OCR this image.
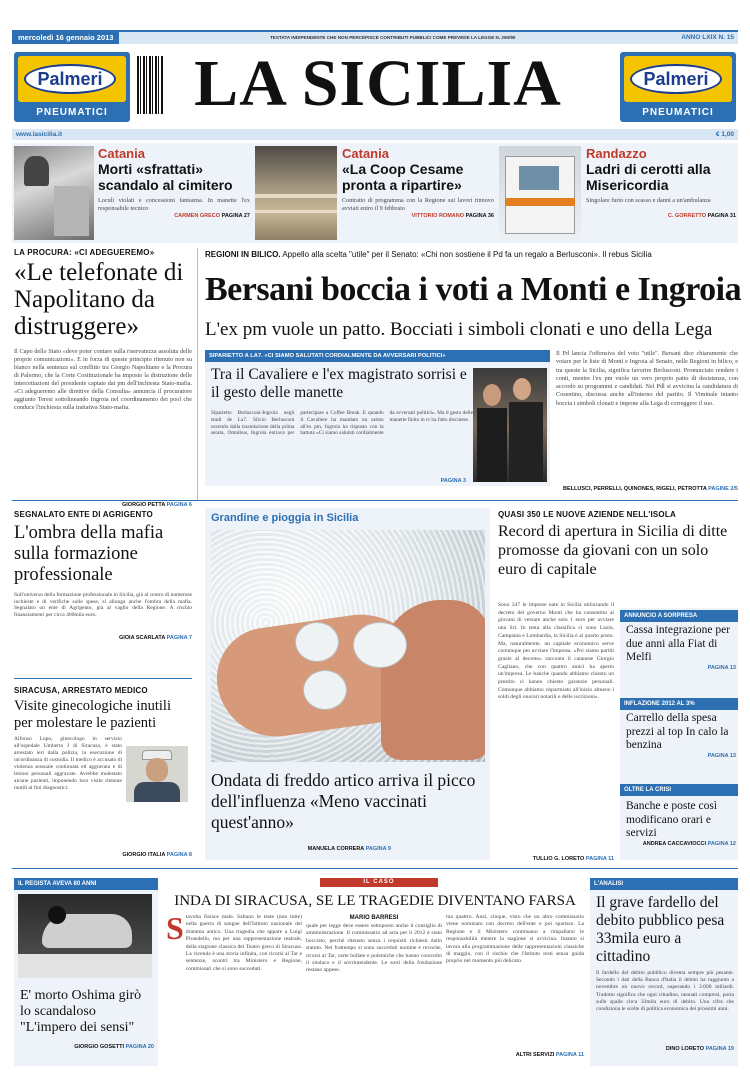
mercoledì 16 gennaio 2013	TESTATA INDIPENDENTE CHE NON PERCEPISCE CONTRIBUTI PUBBLICI COME PREVEDE LA LEGGE N. 250/90	ANNO LXIX N. 15
Palmeri
PNEUMATICI	LA SICILIA	Palmeri
PNEUMATICI
www.lasicilia.it	€ 1,00
Catania
Morti «sfrattati» scandalo al cimitero
Loculi violati e concessioni fantasma. In manette l'ex responsabile tecnico
CARMEN GRECO PAGINA 27
Catania
«La Coop Cesame pronta a ripartire»
Contratto di programma con la Regione sui lavori rinnovo avviati entro il 9 febbraio
VITTORIO ROMANO PAGINA 36
Randazzo
Ladri di cerotti alla Misericordia
Singolare furto con scasso e danni a un'ambulanza
C. GORRETTO PAGINA 31
LA PROCURA: «CI ADEGUEREMO»
«Le telefonate di Napolitano da distruggere»
Il Capo dello Stato «deve poter contare sulla riservatezza assoluta delle proprie comunicazioni». E in forza di queste principio ritenuto non su bianco nella sentenza sul conflitto tra Giorgio Napolitano e la Procura di Palermo, che la Corte Costituzionale ha imposto la distruzione delle intercettazioni del presidente captate dai pm dell'inchiesta Stato-mafia. «Ci adegueremo alle direttive della Consulta» annuncia il procuratore aggiunto Teresi sottolineando Ingroia nel coordinamento dei pool che conduce l'inchiesta sulla trattativa Stato-mafia.
GIORGIO PETTA PAGINA 6
REGIONI IN BILICO. Appello alla scelta "utile" per il Senato: «Chi non sostiene il Pd fa un regalo a Berlusconi». Il rebus Sicilia
Bersani boccia i voti a Monti e Ingroia
L'ex pm vuole un patto. Bocciati i simboli clonati e uno della Lega
SIPARIETTO A LA7. «CI SIAMO SALUTATI CORDIALMENTE DA AVVERSARI POLITICI»
Tra il Cavaliere e l'ex magistrato sorrisi e il gesto delle manette
Siparietto Berlusconi-Ingroia negli studi de La7. Silvio Berlusconi uscendo dalla trasmissione della prima serata, Omnibus, Ingroia entrava per partecipare a Coffee Break. E quando il Cavaliere ha mandato un saluto all'ex pm, Ingroia ha risposto con la battuta «Ci siamo salutati cordialmente da avversari politici». Ma il gesto delle manette finito in tv ha fatto discutere.
PAGINA 3
Il Pd lancia l'offensiva del voto "utile". Bersani dice chiaramente che votare per le liste di Monti e Ingroia al Senato, nelle Regioni in bilico, e tra queste la Sicilia, significa favorire Berlusconi. Pronunciato rendere i conti, mentre l'ex pm vuole un vero proprio patto di desistenza, con accordo su programmi e candidati. Nel Pdl si avvicina la candidatura di Cosentino, discussa anche all'interno del partito. Il Viminale intanto boccia i simboli clonati e impone alla Lega di correggere il suo.
BELLUSCI, PERRELLI, QUINONES, RIGELI, PETROTTA PAGINE 2/5
SEGNALATO ENTE DI AGRIGENTO
L'ombra della mafia sulla formazione professionale
Sull'universo della formazione professionale in Sicilia, già al centro di numerose inchieste e di verifiche sulle spese, si allunga anche l'ombra della mafia. Segnalato un ente di Agrigento, già al vaglio della Regione. A rischio finanziamenti per circa 400mila euro.
GIOIA SCARLATA PAGINA 7
SIRACUSA, ARRESTATO MEDICO
Visite ginecologiche inutili per molestare le pazienti
Alfonso Lupo, ginecologo in servizio all'ospedale Umberto I di Siracusa, è stato arrestato ieri dalla polizia, in esecuzione di un'ordinanza di custodia. Il medico è accusato di violenza sessuale continuata ed aggravata e di lesioni personali aggravate. Avrebbe molestato alcune pazienti, imponendo loro visite ritenute inutili ai fini diagnostici.
GIORGIO ITALIA PAGINA 8
Grandine e pioggia in Sicilia
Ondata di freddo artico arriva il picco dell'influenza «Meno vaccinati quest'anno»
MANUELA CORRERA PAGINA 9
QUASI 350 LE NUOVE AZIENDE NELL'ISOLA
Record di apertura in Sicilia di ditte promosse da giovani con un solo euro di capitale
Sono 347 le imprese nate in Sicilia utilizzando il decreto del governo Monti che ha consentito ai giovani di versare anche solo 1 euro per avviare una Srl. In testa alla classifica ci sono Lazio, Campania e Lombardia, la Sicilia è al quarto posto. Ma, naturalmente, un capitale economico serve comunque per avviare l'impresa. «Poi siamo partiti grazie al decreto» racconta il catanese Giorgio Cagliano, che con quattro amici ha aperto un'impresa. Le banche quando abbiamo chiesto un prestito ci hanno chiesto garanzie personali. Comunque abbiamo risparmiato all'inizio almeno i soldi degli onorari notarili e delle iscrizioni».
TULLIO G. LORETO PAGINA 11
ANNUNCIO A SORPRESA
Cassa integrazione per due anni alla Fiat di Melfi
PAGINA 13
INFLAZIONE 2012 AL 3%
Carrello della spesa prezzi al top In calo la benzina
PAGINA 13
OLTRE LA CRISI
Banche e poste così modificano orari e servizi
ANDREA CACCAVIOCCI PAGINA 12
IL REGISTA AVEVA 80 ANNI
E' morto Oshima girò lo scandaloso "L'impero dei sensi"
GIORGIO GOSETTI PAGINA 20
IL CASO
INDA DI SIRACUSA, SE LE TRAGEDIE DIVENTANO FARSA
S tavolta finisce male. Saltano le teste (non tutte) nella guerra di sangue dell'Istituto nazionale del dramma antico. Una tragedia che appare a Luigi Pirandello, ma per una rappresentazione teatrale, della stagione classica del Teatro greco di Siracusa. La vicenda è una storia infinita, con ricorsi al Tar e sentenze, scontri tra Ministero e Regione, commissari che si sono succeduti.
MARIO BARRESI
quale per legge deve essere sottoposto anche il consiglio di amministrazione. Il commissario ad acta per il 2012 è stato bocciato, perché ritenuto senza i requisiti richiesti dallo statuto. Nel frattempo si sono succeduti nomine e revoche, ricorsi al Tar, carte bollate e polemiche che hanno coinvolto il sindaco e il sovrintendente. Le sorti della fondazione restano appese.
ma quattro. Anzi, cinque, visto che un altro commissario viene nominato con decreto dell'ente e poi sparisce. La Regione e il Ministero continuano a rimpallarsi le responsabilità mentre la stagione si avvicina. Intanto si lavora alla programmazione delle rappresentazioni classiche di maggio, con il rischio che l'Istituto resti senza guida proprio nel momento più delicato.
ALTRI SERVIZI PAGINA 11
L'ANALISI
Il grave fardello del debito pubblico pesa 33mila euro a cittadino
Il fardello del debito pubblico diventa sempre più pesante. Secondo i dati della Banca d'Italia il debito ha raggiunto a novembre un nuovo record, superando i 2.000 miliardi. Tradotto significa che ogni cittadino, neonati compresi, porta sulle spalle circa 33mila euro di debito. Una cifra che condiziona le scelte di politica economica dei prossimi anni.
DINO LORETO PAGINA 19
